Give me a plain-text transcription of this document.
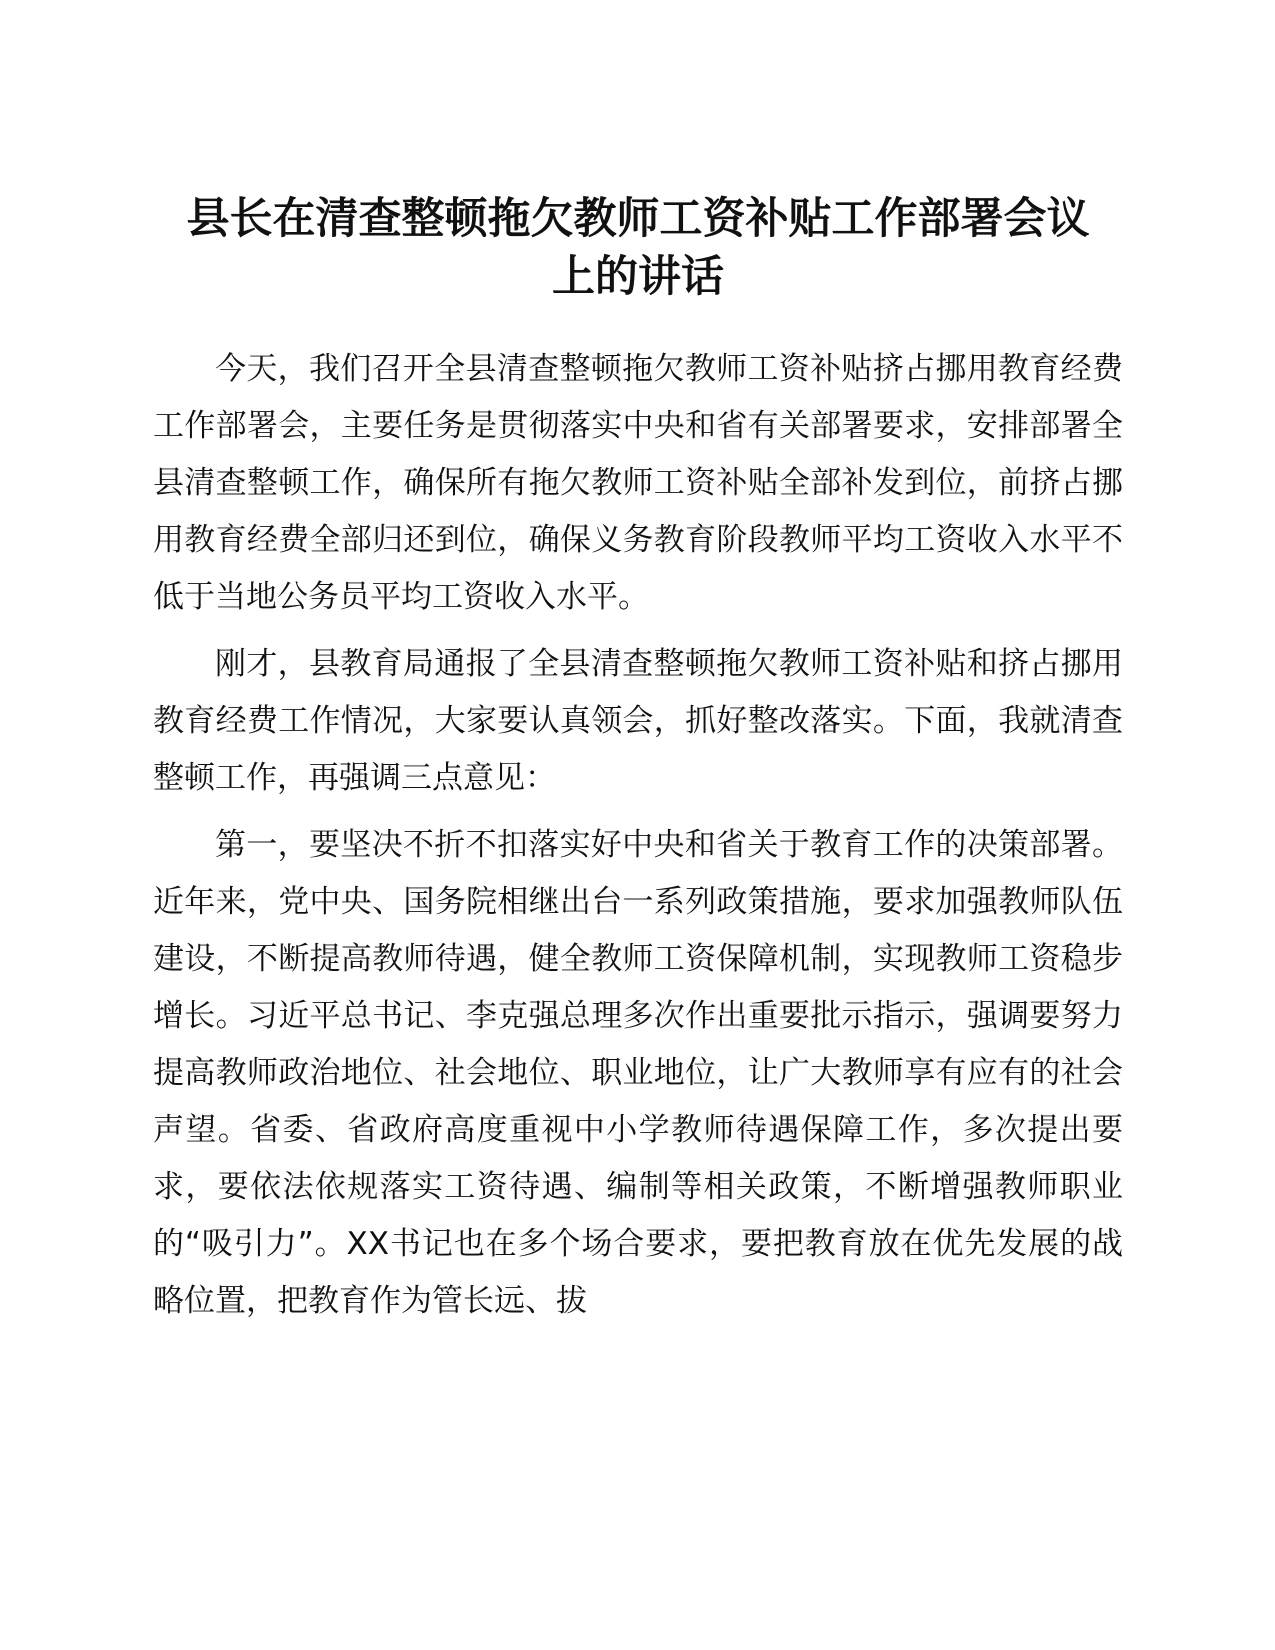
县长在清查整顿拖欠教师工资补贴工作部署会议
上的讲话

今天，我们召开全县清查整顿拖欠教师工资补贴挤占挪用教育经费工作部署会，主要任务是贯彻落实中央和省有关部署要求，安排部署全县清查整顿工作，确保所有拖欠教师工资补贴全部补发到位，前挤占挪用教育经费全部归还到位，确保义务教育阶段教师平均工资收入水平不低于当地公务员平均工资收入水平。

刚才，县教育局通报了全县清查整顿拖欠教师工资补贴和挤占挪用教育经费工作情况，大家要认真领会，抓好整改落实。下面，我就清查整顿工作，再强调三点意见：

第一，要坚决不折不扣落实好中央和省关于教育工作的决策部署。近年来，党中央、国务院相继出台一系列政策措施，要求加强教师队伍建设，不断提高教师待遇，健全教师工资保障机制，实现教师工资稳步增长。习近平总书记、李克强总理多次作出重要批示指示，强调要努力提高教师政治地位、社会地位、职业地位，让广大教师享有应有的社会声望。省委、省政府高度重视中小学教师待遇保障工作，多次提出要求，要依法依规落实工资待遇、编制等相关政策，不断增强教师职业的“吸引力”。XX书记也在多个场合要求，要把教育放在优先发展的战略位置，把教育作为管长远、拔
